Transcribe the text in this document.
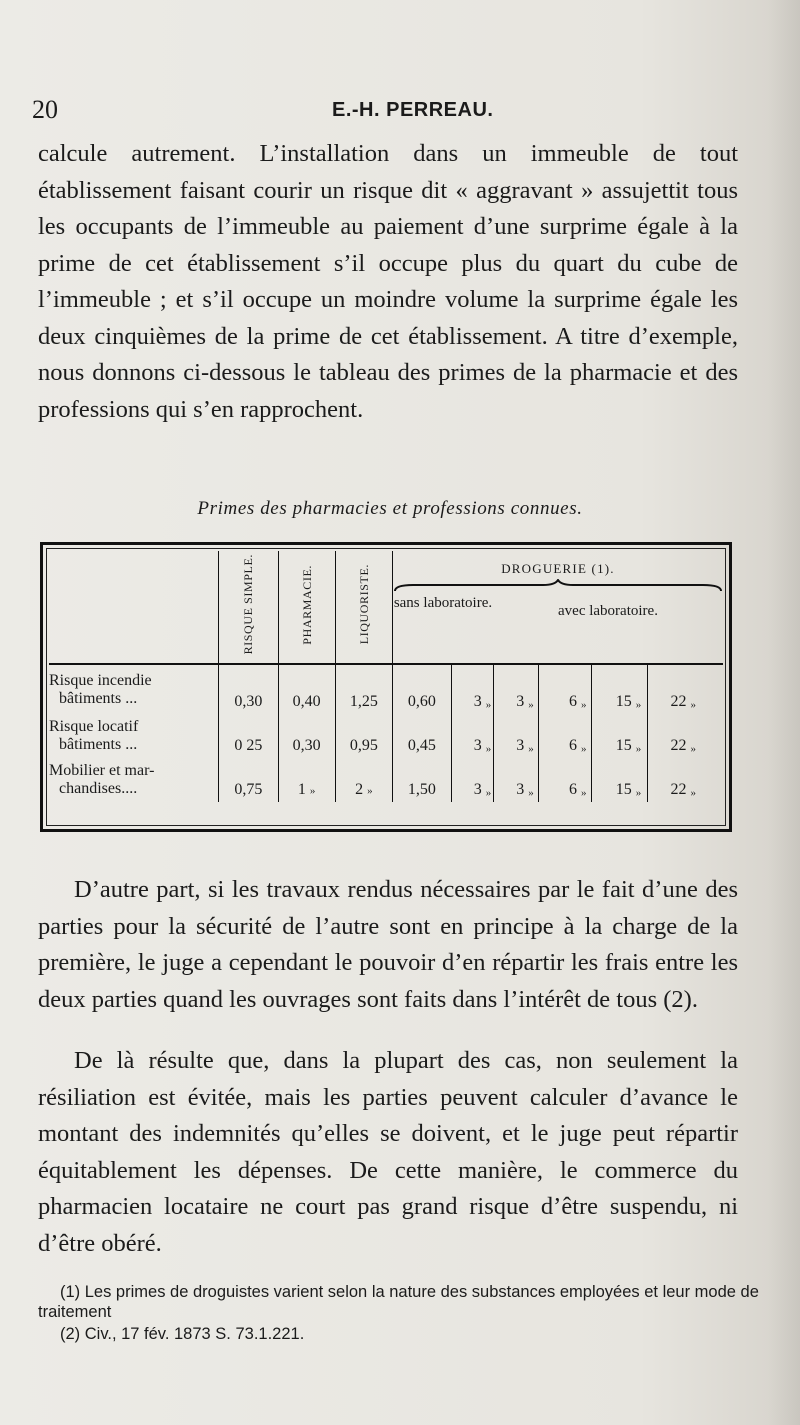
20	E.-H. PERREAU.

calcule autrement. L’installation dans un immeuble de tout établissement faisant courir un risque dit « aggravant » assujettit tous les occupants de l’immeuble au paiement d’une surprime égale à la prime de cet établissement s’il occupe plus du quart du cube de l’immeuble ; et s’il occupe un moindre volume la surprime égale les deux cinquièmes de la prime de cet établissement. A titre d’exemple, nous donnons ci-dessous le tableau des primes de la pharmacie et des professions qui s’en rapprochent.

Primes des pharmacies et professions connues.
	RISQUE SIMPLE.	PHARMACIE.	LIQUORISTE.	DROGUERIE (1).
sans laboratoire. avec laboratoire.										

Risque incendie
bâtiments ...	0,30	0,40	1,25	0,60	3	»	3	»	6	»	15	»	22	»

Risque locatif
bâtiments ...	0 25	0,30	0,95	0,45	3	»	3	»	6	»	15	»	22	»

Mobilier et mar-
chandises....	0,75	1 »	2 »	1,50	3	»	3	»	6	»	15	»	22	»

D’autre part, si les travaux rendus nécessaires par le fait d’une des parties pour la sécurité de l’autre sont en principe à la charge de la première, le juge a cependant le pouvoir d’en répartir les frais entre les deux parties quand les ouvrages sont faits dans l’intérêt de tous (2).

De là résulte que, dans la plupart des cas, non seulement la résiliation est évitée, mais les parties peuvent calculer d’avance le montant des indemnités qu’elles se doivent, et le juge peut répartir équitablement les dépenses. De cette manière, le commerce du pharmacien locataire ne court pas grand risque d’être suspendu, ni d’être obéré.

(1) Les primes de droguistes varient selon la nature des substances employées et leur mode de traitement
(2) Civ., 17 fév. 1873 S. 73.1.221.
